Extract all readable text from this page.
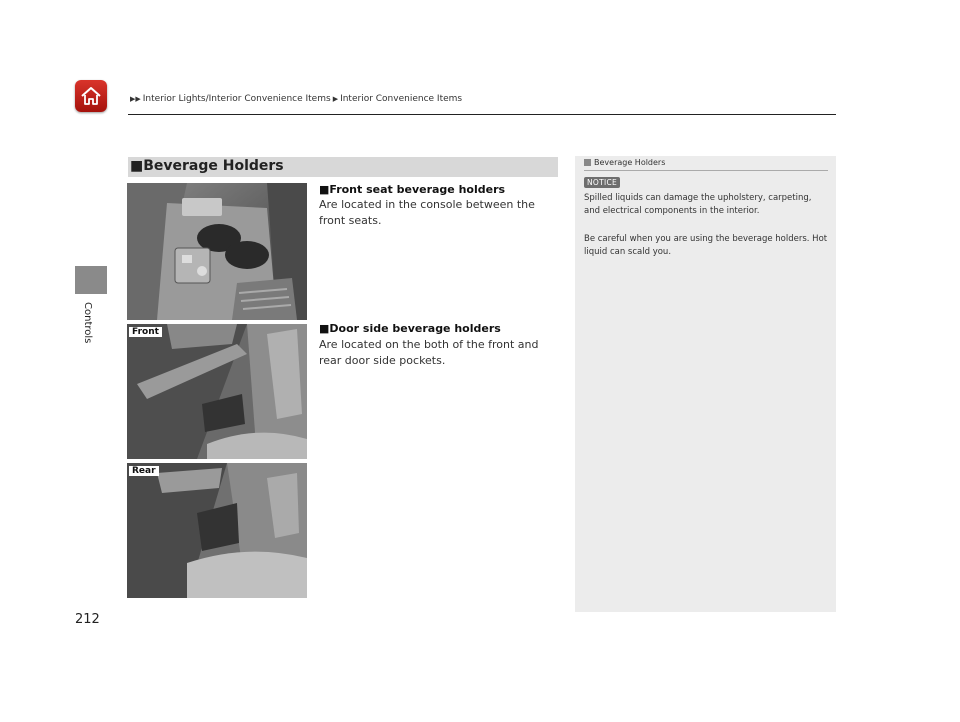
▶▶ Interior Lights/Interior Convenience Items ▶ Interior Convenience Items
Controls
212
■Beverage Holders
Front
Rear
■Front seat beverage holders
Are located in the console between the front seats.
■Door side beverage holders
Are located on the both of the front and rear door side pockets.
Beverage Holders
NOTICE
Spilled liquids can damage the upholstery, carpeting, and electrical components in the interior.
Be careful when you are using the beverage holders. Hot liquid can scald you.
